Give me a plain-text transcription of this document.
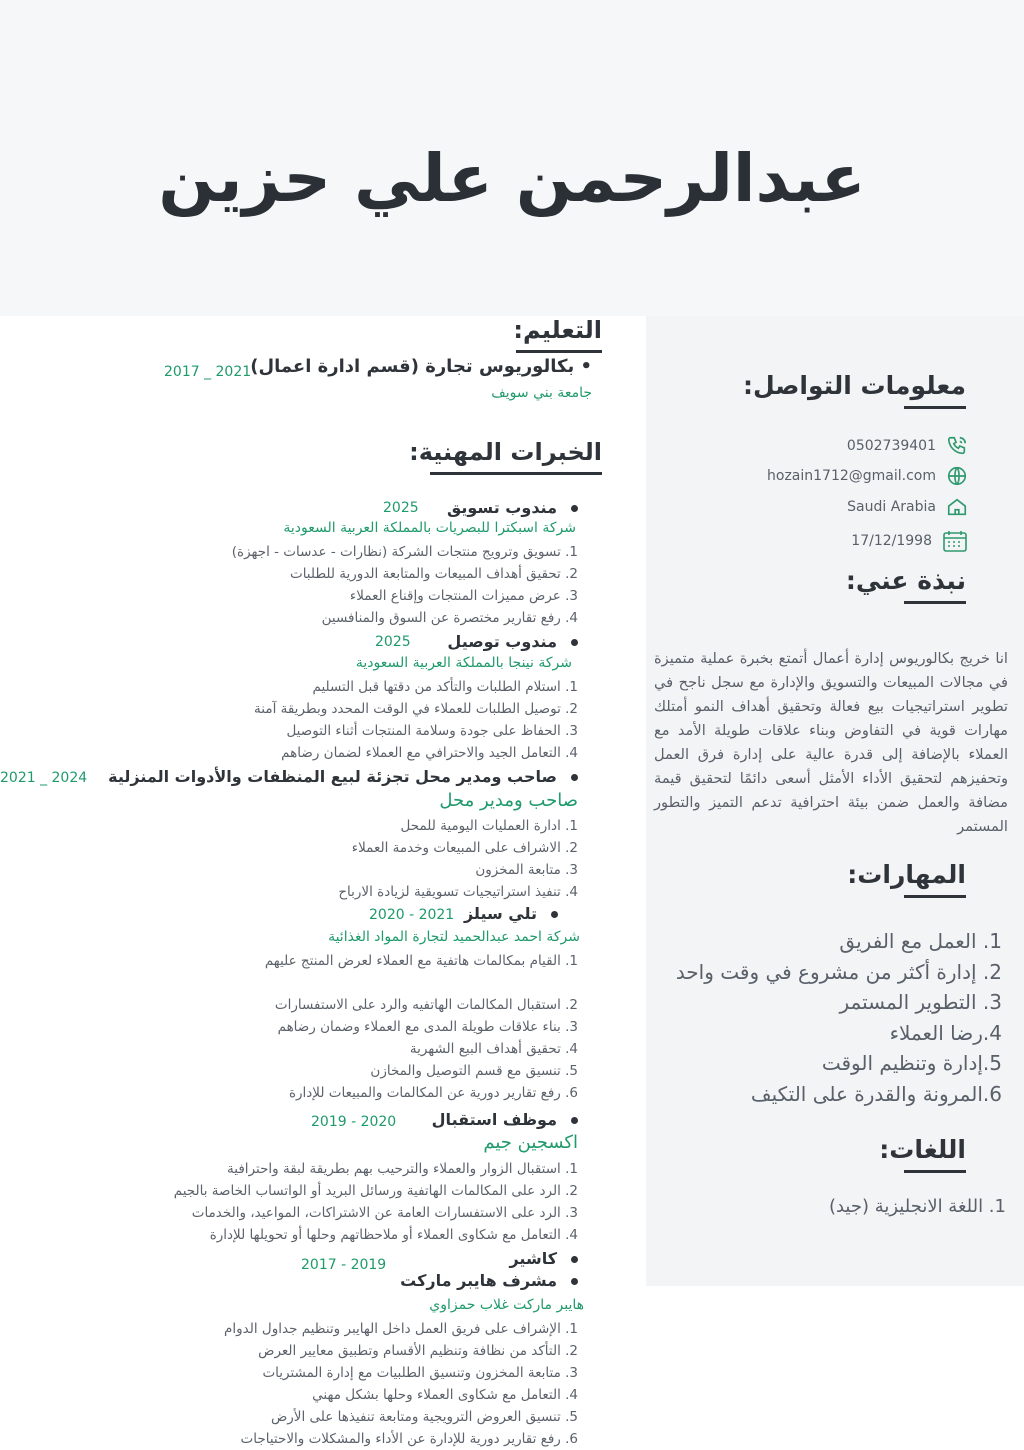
عبدالرحمن علي حزين
معلومات التواصل:
0502739401
hozain1712@gmail.com
Saudi Arabia
17/12/1998
نبذة عني:
انا خريج بكالوريوس إدارة أعمال أتمتع بخبرة عملية متميزة في مجالات المبيعات والتسويق والإدارة مع سجل ناجح في تطوير استراتيجيات بيع فعالة وتحقيق أهداف النمو أمتلك مهارات قوية في التفاوض وبناء علاقات طويلة الأمد مع العملاء بالإضافة إلى قدرة عالية على إدارة فرق العمل وتحفيزهم لتحقيق الأداء الأمثل أسعى دائمًا لتحقيق قيمة مضافة والعمل ضمن بيئة احترافية تدعم التميز والتطور المستمر
المهارات:
1. العمل مع الفريق
2. إدارة أكثر من مشروع في وقت واحد
3. التطوير المستمر
4.رضا العملاء
5.إدارة وتنظيم الوقت
6.المرونة والقدرة على التكيف
اللغات:
1. اللغة الانجليزية (جيد)
التعليم:
• بكالوريوس تجارة (قسم ادارة اعمال)
2017 _ 2021
جامعة بني سويف
الخبرات المهنية:
مندوب تسويق
2025
شركة اسبكترا للبصريات بالمملكة العربية السعودية
1. تسويق وترويج منتجات الشركة (نظارات - عدسات - اجهزة)
2. تحقيق أهداف المبيعات والمتابعة الدورية للطلبات
3. عرض مميزات المنتجات وإقناع العملاء
4. رفع تقارير مختصرة عن السوق والمنافسين
مندوب توصيل
2025
شركة نينجا بالمملكة العربية السعودية
1. استلام الطلبات والتأكد من دقتها قبل التسليم
2. توصيل الطلبات للعملاء في الوقت المحدد وبطريقة آمنة
3. الحفاظ على جودة وسلامة المنتجات أثناء التوصيل
4. التعامل الجيد والاحترافي مع العملاء لضمان رضاهم
صاحب ومدير محل تجزئة لبيع المنظفات والأدوات المنزلية
2021 _ 2024
صاحب ومدير محل
1. ادارة العمليات اليومية للمحل
2. الاشراف على المبيعات وخدمة العملاء
3. متابعة المخزون
4. تنفيذ استراتيجيات تسويقية لزيادة الارباح
تلي سيلز
2020 - 2021
شركة احمد عبدالحميد لتجارة المواد الغذائية
1. القيام بمكالمات هاتفية مع العملاء لعرض المنتج عليهم
2. استقبال المكالمات الهاتفيه والرد على الاستفسارات
3. بناء علاقات طويلة المدى مع العملاء وضمان رضاهم
4. تحقيق أهداف البيع الشهرية
5. تنسيق مع قسم التوصيل والمخازن
6. رفع تقارير دورية عن المكالمات والمبيعات للإدارة
موظف استقبال
2019 - 2020
اكسجين جيم
1. استقبال الزوار والعملاء والترحيب بهم بطريقة لبقة واحترافية
2. الرد على المكالمات الهاتفية ورسائل البريد أو الواتساب الخاصة بالجيم
3. الرد على الاستفسارات العامة عن الاشتراكات، المواعيد، والخدمات
4. التعامل مع شكاوى العملاء أو ملاحظاتهم وحلها أو تحويلها للإدارة
كاشير
مشرف هايبر ماركت
2017 - 2019
هايبر ماركت غلاب حمزاوي
1. الإشراف على فريق العمل داخل الهايبر وتنظيم جداول الدوام
2. التأكد من نظافة وتنظيم الأقسام وتطبيق معايير العرض
3. متابعة المخزون وتنسيق الطلبيات مع إدارة المشتريات
4. التعامل مع شكاوى العملاء وحلها بشكل مهني
5. تنسيق العروض الترويجية ومتابعة تنفيذها على الأرض
6. رفع تقارير دورية للإدارة عن الأداء والمشكلات والاحتياجات
